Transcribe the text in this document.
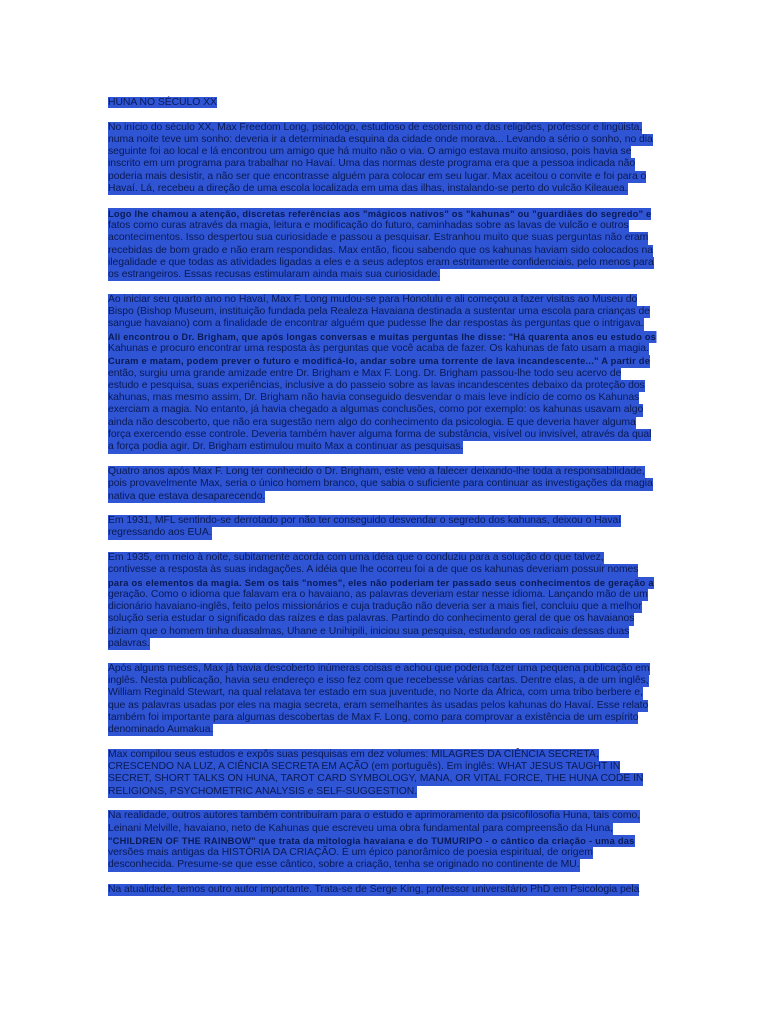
HUNA NO SÉCULO XX

No início do século XX, Max Freedom Long, psicólogo, estudioso de esoterismo e das religiões, professor e lingüista,
numa noite teve um sonho: deveria ir a determinada esquina da cidade onde morava... Levando a sério o sonho, no dia
seguinte foi ao local e lá encontrou um amigo que há muito não o via. O amigo estava muito ansioso, pois havia se
inscrito em um programa para trabalhar no Havaí. Uma das normas deste programa era que a pessoa indicada não
poderia mais desistir, a não ser que encontrasse alguém para colocar em seu lugar. Max aceitou o convite e foi para o
Havaí. Lá, recebeu a direção de uma escola localizada em uma das ilhas, instalando-se perto do vulcão Kileauea.

Logo lhe chamou a atenção, discretas referências aos "mágicos nativos" os "kahunas" ou "guardiães do segredo" e
fatos como curas através da magia, leitura e modificação do futuro, caminhadas sobre as lavas de vulcão e outros
acontecimentos. Isso despertou sua curiosidade e passou a pesquisar. Estranhou muito que suas perguntas não eram
recebidas de bom grado e não eram respondidas. Max então, ficou sabendo que os kahunas haviam sido colocados na
ilegalidade e que todas as atividades ligadas a eles e a seus adeptos eram estritamente confidenciais, pelo menos para
os estrangeiros. Essas recusas estimularam ainda mais sua curiosidade.

Ao iniciar seu quarto ano no Havaí, Max F. Long mudou-se para Honolulu e ali começou a fazer visitas ao Museu do
Bispo (Bishop Museum, instituição fundada pela Realeza Havaiana destinada a sustentar uma escola para crianças de
sangue havaiano) com a finalidade de encontrar alguém que pudesse lhe dar respostas às perguntas que o intrigava.
Ali encontrou o Dr. Brigham, que após longas conversas e muitas perguntas lhe disse: "Há quarenta anos eu estudo os
Kahunas e procuro encontrar uma resposta às perguntas que você acaba de fazer. Os kahunas de fato usam a magia.
Curam e matam, podem prever o futuro e modificá-lo, andar sobre uma torrente de lava incandescente..." A partir de
então, surgiu uma grande amizade entre Dr. Brigham e Max F. Long. Dr. Brigham passou-lhe todo seu acervo de
estudo e pesquisa, suas experiências, inclusive a do passeio sobre as lavas incandescentes debaixo da proteção dos
kahunas, mas mesmo assim, Dr. Brigham não havia conseguido desvendar o mais leve indício de como os Kahunas
exerciam a magia. No entanto, já havia chegado a algumas conclusões, como por exemplo: os kahunas usavam algo
ainda não descoberto, que não era sugestão nem algo do conhecimento da psicologia. E que deveria haver alguma
força exercendo esse controle. Deveria também haver alguma forma de substância, visível ou invisível, através da qual
a força podia agir. Dr. Brigham estimulou muito Max a continuar as pesquisas.

Quatro anos após Max F. Long ter conhecido o Dr. Brigham, este veio a falecer deixando-lhe toda a responsabilidade,
pois provavelmente Max, seria o único homem branco, que sabia o suficiente para continuar as investigações da magia
nativa que estava desaparecendo.

Em 1931, MFL sentindo-se derrotado por não ter conseguido desvendar o segredo dos kahunas, deixou o Havaí
regressando aos EUA.

Em 1935, em meio à noite, subitamente acorda com uma idéia que o conduziu para a solução do que talvez,
contivesse a resposta às suas indagações. A idéia que lhe ocorreu foi a de que os kahunas deveriam possuir nomes
para os elementos da magia. Sem os tais "nomes", eles não poderiam ter passado seus conhecimentos de geração a
geração. Como o idioma que falavam era o havaiano, as palavras deveriam estar nesse idioma. Lançando mão de um
dicionário havaiano-inglês, feito pelos missionários e cuja tradução não deveria ser a mais fiel, concluiu que a melhor
solução seria estudar o significado das raízes e das palavras. Partindo do conhecimento geral de que os havaianos
diziam que o homem tinha duasalmas, Uhane e Unihipili, iniciou sua pesquisa, estudando os radicais dessas duas
palavras.

Após alguns meses, Max já havia descoberto inúmeras coisas e achou que poderia fazer uma pequena publicação em
inglês. Nesta publicação, havia seu endereço e isso fez com que recebesse várias cartas. Dentre elas, a de um inglês,
William Reginald Stewart, na qual relatava ter estado em sua juventude, no Norte da África, com uma tribo berbere e,
que as palavras usadas por eles na magia secreta, eram semelhantes às usadas pelos kahunas do Havaí. Esse relato
também foi importante para algumas descobertas de Max F. Long, como para comprovar a existência de um espírito
denominado Aumakua.

Max compilou seus estudos e expôs suas pesquisas em dez volumes: MILAGRES DA CIÊNCIA SECRETA,
CRESCENDO NA LUZ, A CIÊNCIA SECRETA EM AÇÃO (em português). Em inglês: WHAT JESUS TAUGHT IN
SECRET, SHORT TALKS ON HUNA, TAROT CARD SYMBOLOGY, MANA, OR VITAL FORCE, THE HUNA CODE IN
RELIGIONS, PSYCHOMETRIC ANALYSIS e SELF-SUGGESTION.

Na realidade, outros autores também contribuíram para o estudo e aprimoramento da psicofilosofia Huna, tais como,
Leinani Melville, havaiano, neto de Kahunas que escreveu uma obra fundamental para compreensão da Huna,
"CHILDREN OF THE RAINBOW" que trata da mitologia havaiana e do TUMURIPO - o cântico da criação - uma das
versões mais antigas da HISTÓRIA DA CRIAÇÃO. É um épico panorâmico de poesia espiritual, de origem
desconhecida. Presume-se que esse cântico, sobre a criação, tenha se originado no continente de MU.

Na atualidade, temos outro autor importante. Trata-se de Serge King, professor universitário PhD em Psicologia pela
